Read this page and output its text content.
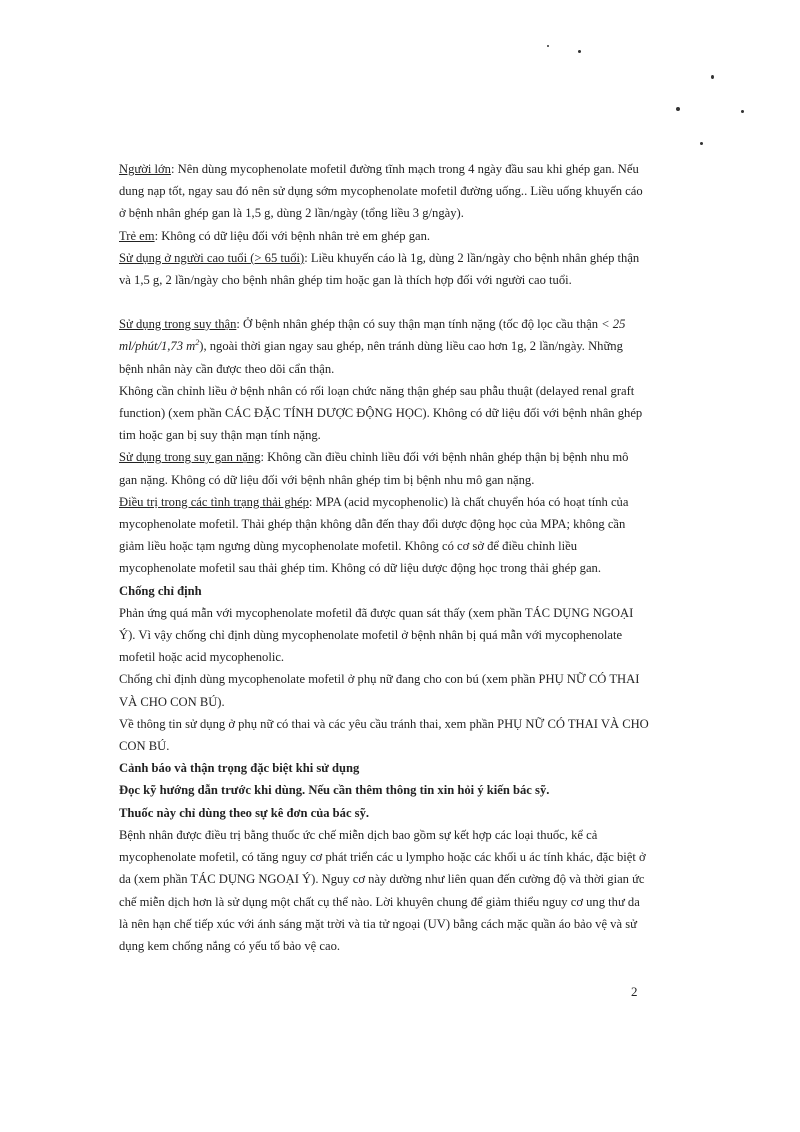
Người lớn: Nên dùng mycophenolate mofetil đường tĩnh mạch trong 4 ngày đầu sau khi ghép gan. Nếu dung nạp tốt, ngay sau đó nên sử dụng sớm mycophenolate mofetil đường uống.. Liều uống khuyến cáo ở bệnh nhân ghép gan là 1,5 g, dùng 2 lần/ngày (tổng liều 3 g/ngày).

Trẻ em: Không có dữ liệu đối với bệnh nhân trẻ em ghép gan.

Sử dụng ở người cao tuổi (> 65 tuổi): Liều khuyến cáo là 1g, dùng 2 lần/ngày cho bệnh nhân ghép thận và 1,5 g, 2 lần/ngày cho bệnh nhân ghép tim hoặc gan là thích hợp đối với người cao tuổi.

Sử dụng trong suy thận: Ở bệnh nhân ghép thận có suy thận mạn tính nặng (tốc độ lọc cầu thận < 25 ml/phút/1,73 $m^2$), ngoài thời gian ngay sau ghép, nên tránh dùng liều cao hơn 1g, 2 lần/ngày. Những bệnh nhân này cần được theo dõi cẩn thận.

Không cần chỉnh liều ở bệnh nhân có rối loạn chức năng thận ghép sau phẫu thuật (delayed renal graft function) (xem phần CÁC ĐẶC TÍNH DƯỢC ĐỘNG HỌC). Không có dữ liệu đối với bệnh nhân ghép tim hoặc gan bị suy thận mạn tính nặng.

Sử dụng trong suy gan nặng: Không cần điều chỉnh liều đối với bệnh nhân ghép thận bị bệnh nhu mô gan nặng. Không có dữ liệu đối với bệnh nhân ghép tim bị bệnh nhu mô gan nặng.

Điều trị trong các tình trạng thải ghép: MPA (acid mycophenolic) là chất chuyển hóa có hoạt tính của mycophenolate mofetil. Thải ghép thận không dẫn đến thay đổi dược động học của MPA; không cần giảm liều hoặc tạm ngưng dùng mycophenolate mofetil. Không có cơ sở để điều chỉnh liều mycophenolate mofetil sau thải ghép tim. Không có dữ liệu dược động học trong thải ghép gan.

Chống chỉ định

Phản ứng quá mẫn với mycophenolate mofetil đã được quan sát thấy (xem phần TÁC DỤNG NGOẠI Ý). Vì vậy chống chỉ định dùng mycophenolate mofetil ở bệnh nhân bị quá mẫn với mycophenolate mofetil hoặc acid mycophenolic.

Chống chỉ định dùng mycophenolate mofetil ở phụ nữ đang cho con bú (xem phần PHỤ NỮ CÓ THAI VÀ CHO CON BÚ).

Về thông tin sử dụng ở phụ nữ có thai và các yêu cầu tránh thai, xem phần PHỤ NỮ CÓ THAI VÀ CHO CON BÚ.

Cảnh báo và thận trọng đặc biệt khi sử dụng

Đọc kỹ hướng dẫn trước khi dùng. Nếu cần thêm thông tin xin hỏi ý kiến bác sỹ.

Thuốc này chỉ dùng theo sự kê đơn của bác sỹ.

Bệnh nhân được điều trị bằng thuốc ức chế miễn dịch bao gồm sự kết hợp các loại thuốc, kể cả mycophenolate mofetil, có tăng nguy cơ phát triển các u lympho hoặc các khối u ác tính khác, đặc biệt ở da (xem phần TÁC DỤNG NGOẠI Ý). Nguy cơ này dường như liên quan đến cường độ và thời gian ức chế miễn dịch hơn là sử dụng một chất cụ thể nào. Lời khuyên chung để giảm thiểu nguy cơ ung thư da là nên hạn chế tiếp xúc với ánh sáng mặt trời và tia tử ngoại (UV) bằng cách mặc quần áo bảo vệ và sử dụng kem chống nắng có yếu tố bảo vệ cao.

2
